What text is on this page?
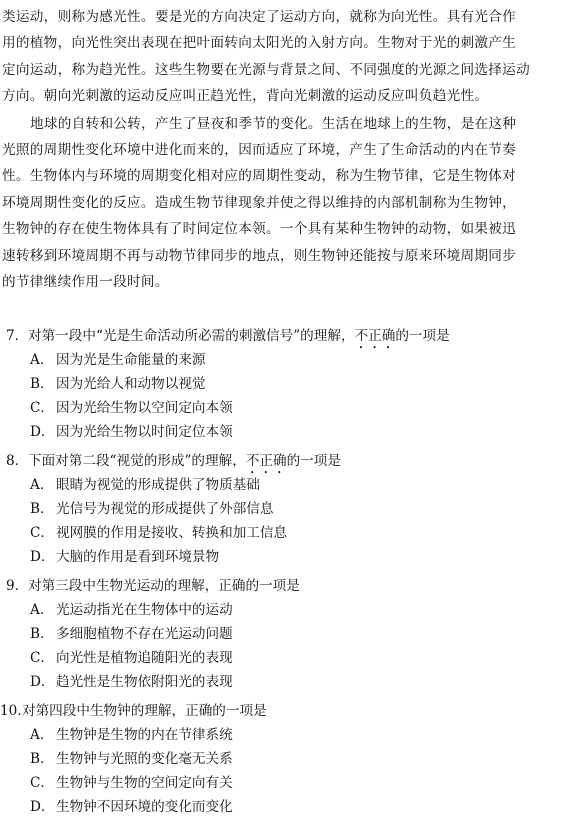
类运动，则称为感光性。要是光的方向决定了运动方向，就称为向光性。具有光合作
用的植物，向光性突出表现在把叶面转向太阳光的入射方向。生物对于光的刺激产生
定向运动，称为趋光性。这些生物要在光源与背景之间、不同强度的光源之间选择运动
方向。朝向光刺激的运动反应叫正趋光性，背向光刺激的运动反应叫负趋光性。

地球的自转和公转，产生了昼夜和季节的变化。生活在地球上的生物，是在这种
光照的周期性变化环境中进化而来的，因而适应了环境，产生了生命活动的内在节奏
性。生物体内与环境的周期变化相对应的周期性变动，称为生物节律，它是生物体对
环境周期性变化的反应。造成生物节律现象并使之得以维持的内部机制称为生物钟，
生物钟的存在使生物体具有了时间定位本领。一个具有某种生物钟的动物，如果被迅
速转移到环境周期不再与动物节律同步的地点，则生物钟还能按与原来环境周期同步
的节律继续作用一段时间。

7．对第一段中“光是生命活动所必需的刺激信号”的理解，不正确的一项是
A． 因为光是生命能量的来源
B． 因为光给人和动物以视觉
C． 因为光给生物以空间定向本领
D． 因为光给生物以时间定位本领
8．下面对第二段“视觉的形成”的理解，不正确的一项是
A． 眼睛为视觉的形成提供了物质基础
B． 光信号为视觉的形成提供了外部信息
C． 视网膜的作用是接收、转换和加工信息
D． 大脑的作用是看到环境景物
9．对第三段中生物光运动的理解，正确的一项是
A． 光运动指光在生物体中的运动
B． 多细胞植物不存在光运动问题
C． 向光性是植物追随阳光的表现
D． 趋光性是生物依附阳光的表现
10．对第四段中生物钟的理解，正确的一项是
A． 生物钟是生物的内在节律系统
B． 生物钟与光照的变化毫无关系
C． 生物钟与生物的空间定向有关
D． 生物钟不因环境的变化而变化
